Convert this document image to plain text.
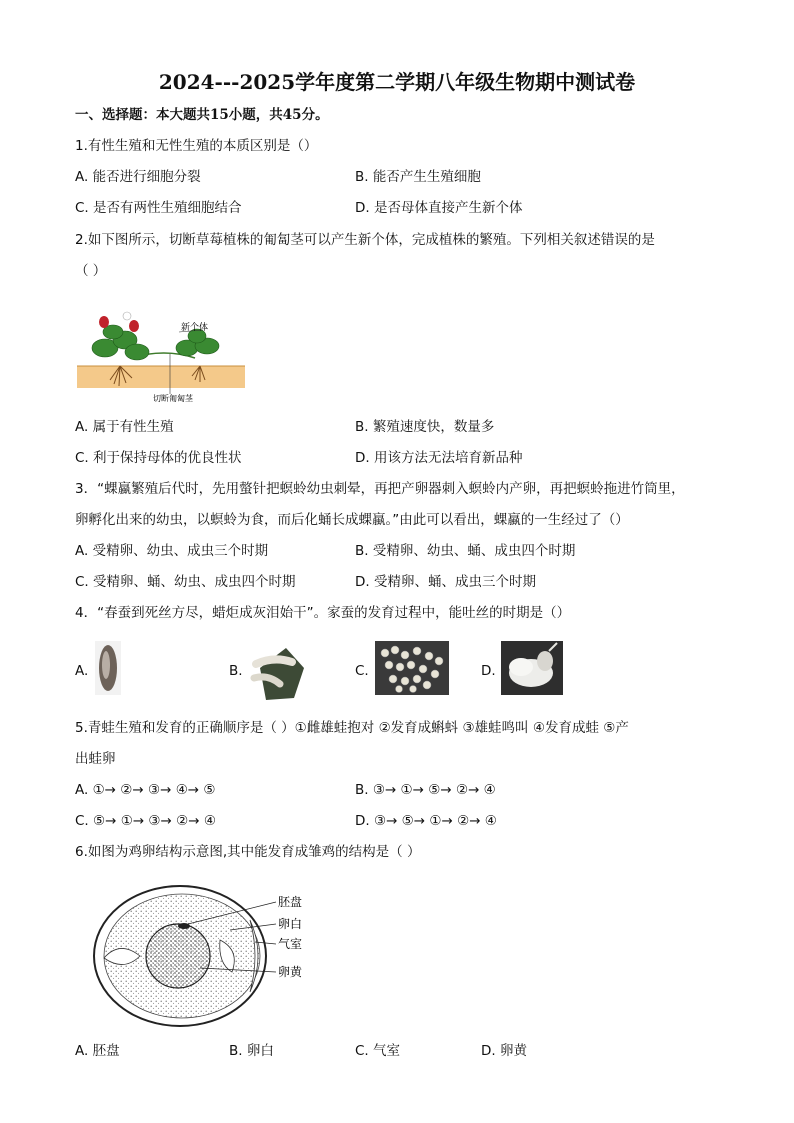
2024---2025学年度第二学期八年级生物期中测试卷
一、选择题：本大题共15小题，共45分。
1.有性生殖和无性生殖的本质区别是（）
A. 能否进行细胞分裂	B. 能否产生生殖细胞
C. 是否有两性生殖细胞结合	D. 是否母体直接产生新个体
2.如下图所示，切断草莓植株的匍匐茎可以产生新个体，完成植株的繁殖。下列相关叙述错误的是
（ ）
新个体
切断匍匐茎
A. 属于有性生殖	B. 繁殖速度快，数量多
C. 利于保持母体的优良性状	D. 用该方法无法培育新品种
3．“蜾蠃繁殖后代时，先用螫针把螟蛉幼虫刺晕，再把产卵器刺入螟蛉内产卵，再把螟蛉拖进竹筒里，
卵孵化出来的幼虫，以螟蛉为食，而后化蛹长成蜾蠃。”由此可以看出，蜾蠃的一生经过了（）
A. 受精卵、幼虫、成虫三个时期	B. 受精卵、幼虫、蛹、成虫四个时期
C. 受精卵、蛹、幼虫、成虫四个时期	D. 受精卵、蛹、成虫三个时期
4．“春蚕到死丝方尽，蜡炬成灰泪始干”。家蚕的发育过程中，能吐丝的时期是（）
A.	B.	C.	D.
5.青蛙生殖和发育的正确顺序是（ ）①雌雄蛙抱对 ②发育成蝌蚪 ③雄蛙鸣叫 ④发育成蛙 ⑤产
出蛙卵
A. ①→ ②→ ③→ ④→ ⑤	B. ③→ ①→ ⑤→ ②→ ④
C. ⑤→ ①→ ③→ ②→ ④	D. ③→ ⑤→ ①→ ②→ ④
6.如图为鸡卵结构示意图,其中能发育成雏鸡的结构是（ ）
胚盘
卵白
气室
卵黄
A. 胚盘	B. 卵白	C. 气室	D. 卵黄
